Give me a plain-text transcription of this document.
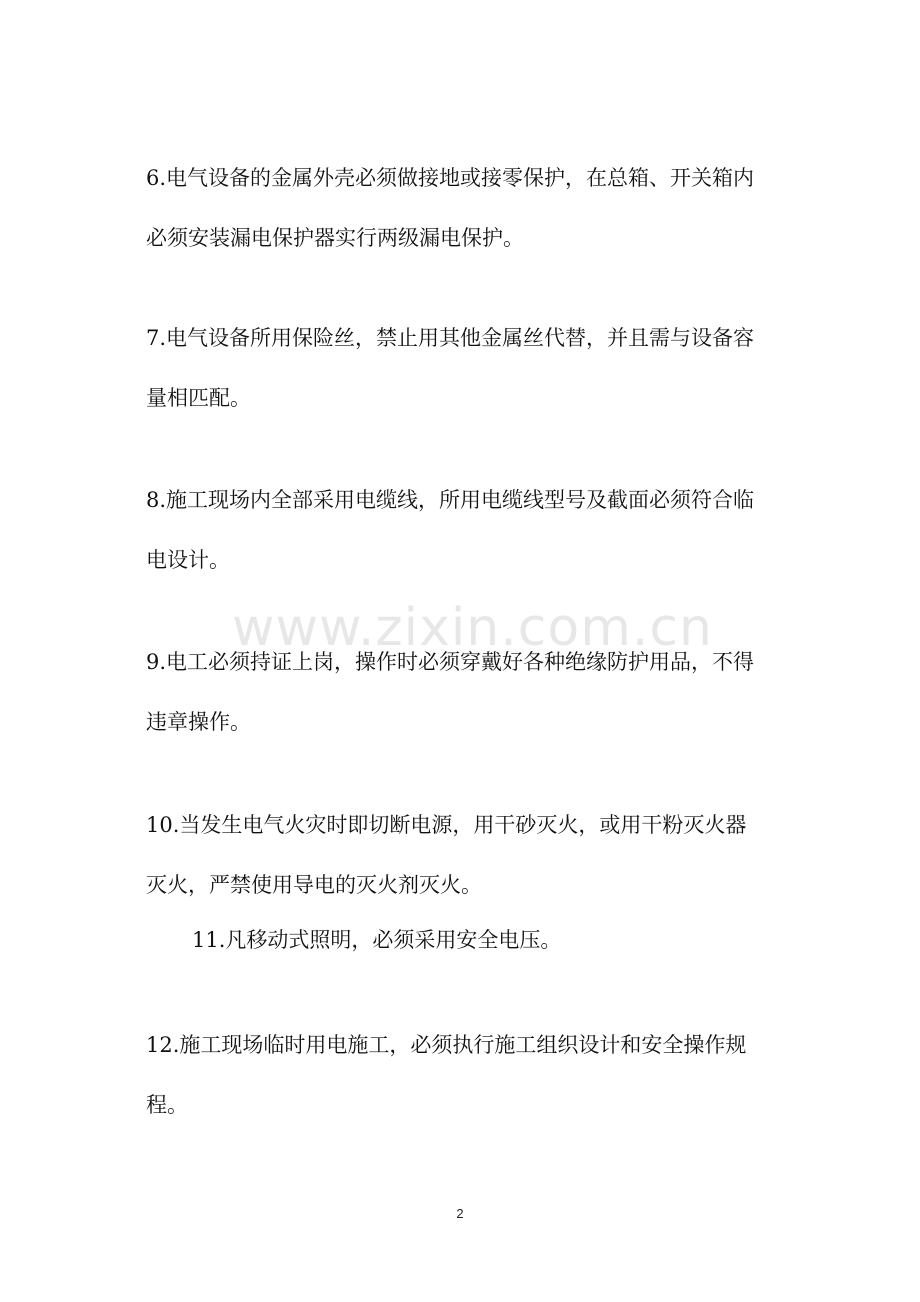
www.zixin.com.cn

6.电气设备的金属外壳必须做接地或接零保护，在总箱、开关箱内
必须安装漏电保护器实行两级漏电保护。

7.电气设备所用保险丝，禁止用其他金属丝代替，并且需与设备容
量相匹配。

8.施工现场内全部采用电缆线，所用电缆线型号及截面必须符合临
电设计。

9.电工必须持证上岗，操作时必须穿戴好各种绝缘防护用品，不得
违章操作。

10.当发生电气火灾时即切断电源，用干砂灭火，或用干粉灭火器
灭火，严禁使用导电的灭火剂灭火。

11.凡移动式照明，必须采用安全电压。

12.施工现场临时用电施工，必须执行施工组织设计和安全操作规
程。

2
